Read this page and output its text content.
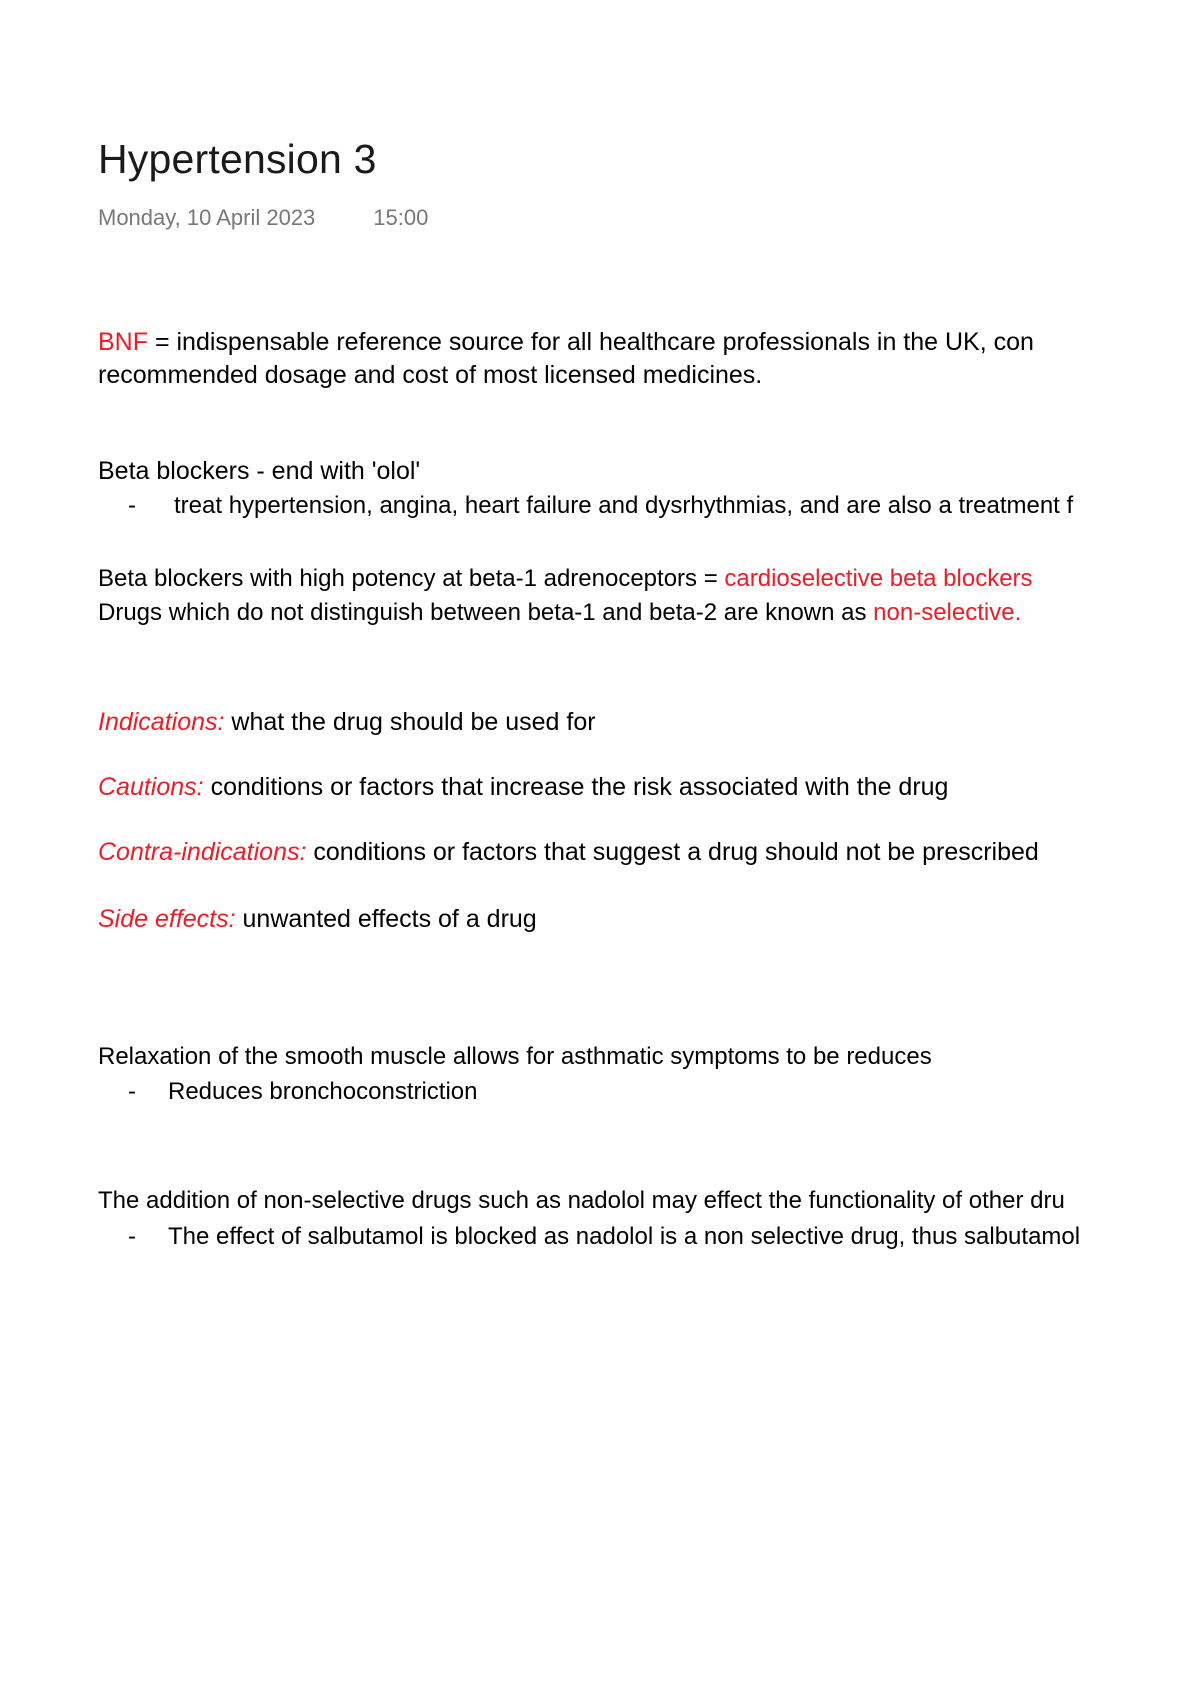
Hypertension 3
Monday, 10 April 2023	15:00
BNF = indispensable reference source for all healthcare professionals in the UK, con
recommended dosage and cost of most licensed medicines.
Beta blockers - end with 'olol'
- treat hypertension, angina, heart failure and dysrhythmias, and are also a treatment f
Beta blockers with high potency at beta-1 adrenoceptors = cardioselective beta blockers
Drugs which do not distinguish between beta-1 and beta-2 are known as non-selective.
Indications: what the drug should be used for
Cautions: conditions or factors that increase the risk associated with the drug
Contra-indications: conditions or factors that suggest a drug should not be prescribed
Side effects: unwanted effects of a drug
Relaxation of the smooth muscle allows for asthmatic symptoms to be reduces
- Reduces bronchoconstriction
The addition of non-selective drugs such as nadolol may effect the functionality of other dru
- The effect of salbutamol is blocked as nadolol is a non selective drug, thus salbutamol
